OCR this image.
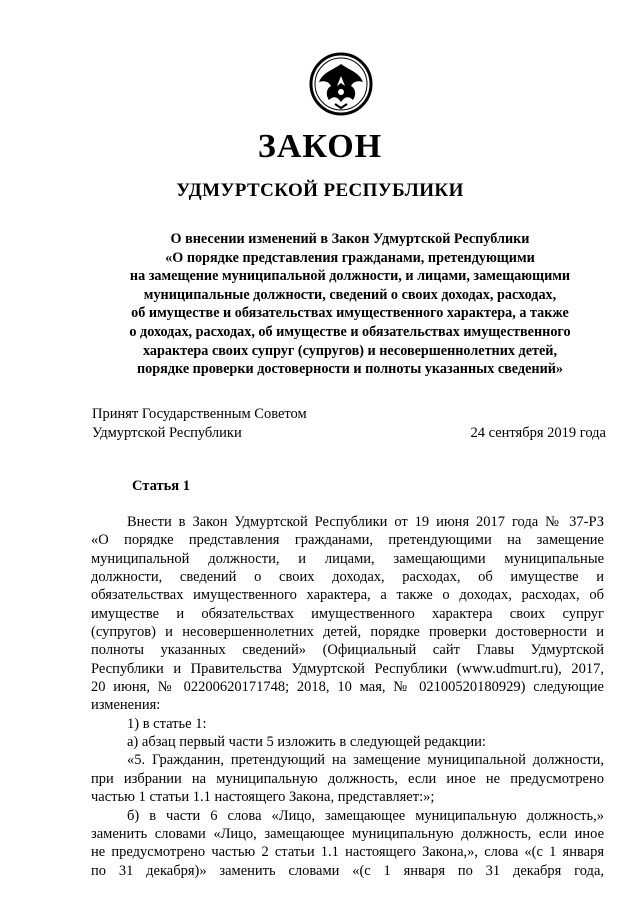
ЗАКОН
УДМУРТСКОЙ РЕСПУБЛИКИ
О внесении изменений в Закон Удмуртской Республики
«О порядке представления гражданами, претендующими
на замещение муниципальной должности, и лицами, замещающими
муниципальные должности, сведений о своих доходах, расходах,
об имуществе и обязательствах имущественного характера, а также
о доходах, расходах, об имуществе и обязательствах имущественного
характера своих супруг (супругов) и несовершеннолетних детей,
порядке проверки достоверности и полноты указанных сведений»
Принят Государственным Советом
Удмуртской Республики	24 сентября 2019 года
Статья 1

Внести в Закон Удмуртской Республики от 19 июня 2017 года № 37-РЗ

«О порядке представления гражданами, претендующими на замещение

муниципальной должности, и лицами, замещающими муниципальные

должности, сведений о своих доходах, расходах, об имуществе и

обязательствах имущественного характера, а также о доходах, расходах, об

имуществе и обязательствах имущественного характера своих супруг

(супругов) и несовершеннолетних детей, порядке проверки достоверности и

полноты указанных сведений» (Официальный сайт Главы Удмуртской

Республики и Правительства Удмуртской Республики (www.udmurt.ru), 2017,

20 июня, № 02200620171748; 2018, 10 мая, № 02100520180929) следующие

изменения:

1) в статье 1:

а) абзац первый части 5 изложить в следующей редакции:

«5. Гражданин, претендующий на замещение муниципальной должности,

при избрании на муниципальную должность, если иное не предусмотрено

частью 1 статьи 1.1 настоящего Закона, представляет:»;

б) в части 6 слова «Лицо, замещающее муниципальную должность,»

заменить словами «Лицо, замещающее муниципальную должность, если иное

не предусмотрено частью 2 статьи 1.1 настоящего Закона,», слова «(с 1 января

по 31 декабря)» заменить словами «(с 1 января по 31 декабря года,
